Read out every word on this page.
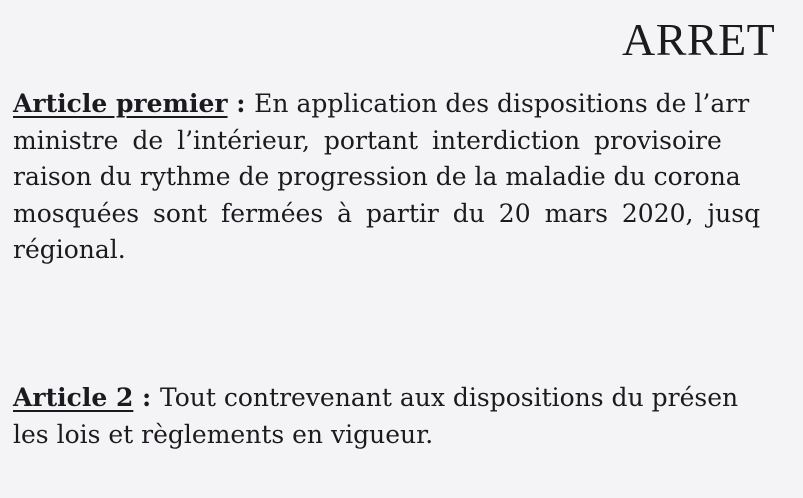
ARRET

Article premier : En application des dispositions de l’arr
ministre de l’intérieur, portant interdiction provisoire
raison du rythme de progression de la maladie du corona
mosquées sont fermées à partir du 20 mars 2020, jusq
régional.

Article 2 : Tout contrevenant aux dispositions du présen
les lois et règlements en vigueur.
